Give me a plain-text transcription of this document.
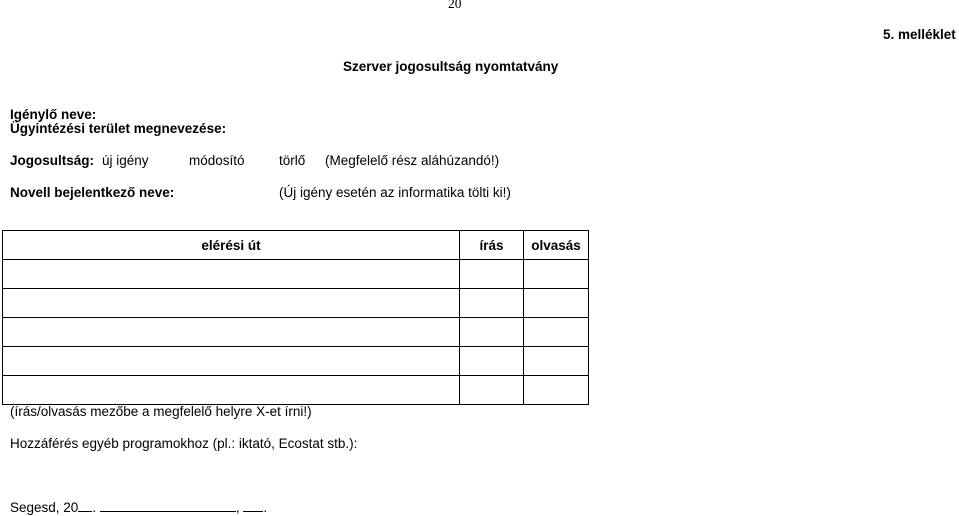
20
5. melléklet
Szerver jogosultság nyomtatvány
Igénylő neve:
Ügyintézési terület megnevezése:
Jogosultság: új igény	módosító	törlő (Megfelelő rész aláhúzandó!)
Novell bejelentkező neve:	(Új igény esetén az informatika tölti ki!)
elérési út	írás	olvasás

(írás/olvasás mezőbe a megfelelő helyre X-et írni!)
Hozzáférés egyéb programokhoz (pl.: iktató, Ecostat stb.):
Segesd, 20 .	, .
